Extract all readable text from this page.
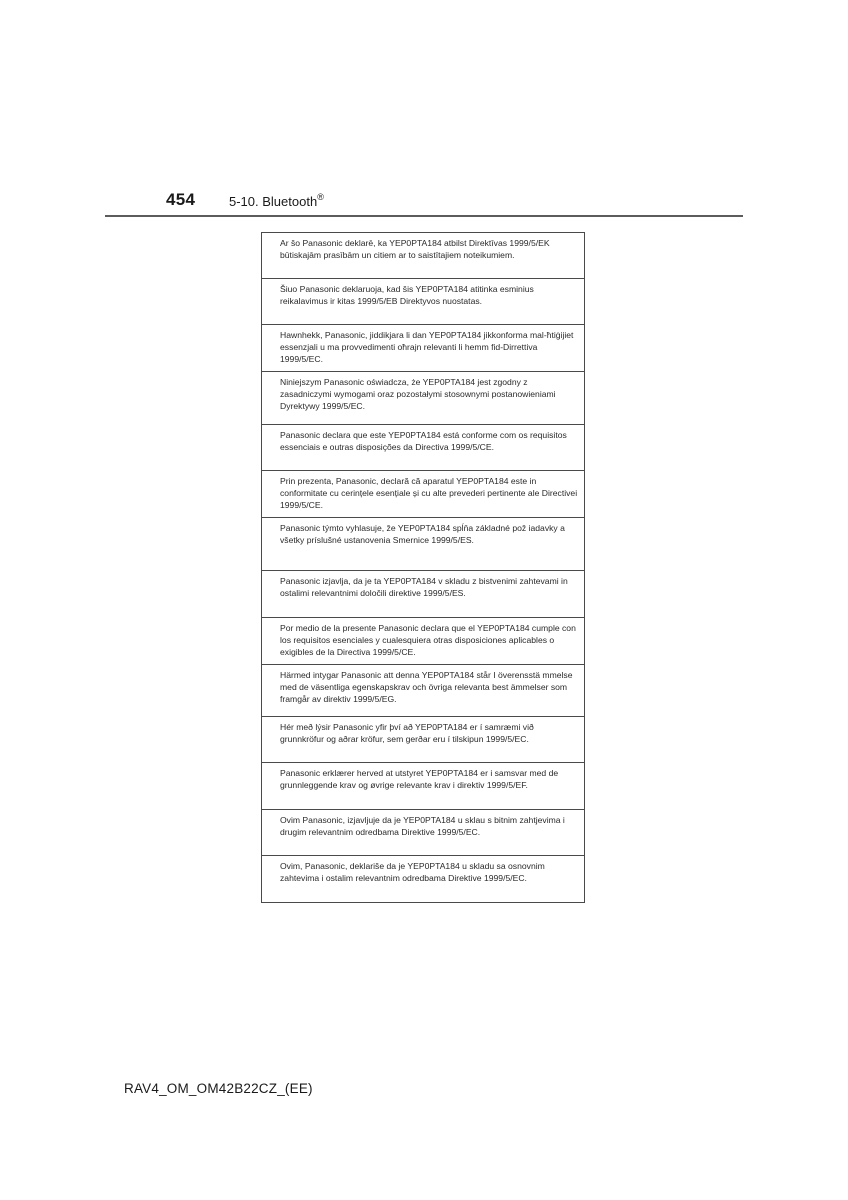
454	5-10. Bluetooth®
Ar šo Panasonic deklarē, ka YEP0PTA184 atbilst Direktīvas 1999/5/EK būtiskajām prasībām un citiem ar to saistītajiem noteikumiem.
Šiuo Panasonic deklaruoja, kad šis YEP0PTA184 atitinka esminius reikalavimus ir kitas 1999/5/EB Direktyvos nuostatas.
Hawnhekk, Panasonic, jiddikjara li dan YEP0PTA184 jikkonforma mal-ħtiġijiet essenzjali u ma provvedimenti oħrajn relevanti li hemm fid-Dirrettiva 1999/5/EC.
Niniejszym Panasonic oświadcza, że YEP0PTA184 jest zgodny z zasadniczymi wymogami oraz pozostałymi stosownymi postanowieniami Dyrektywy 1999/5/EC.
Panasonic declara que este YEP0PTA184 está conforme com os requisitos essenciais e outras disposições da Directiva 1999/5/CE.
Prin prezenta, Panasonic, declară că aparatul YEP0PTA184 este in conformitate cu cerințele esențiale și cu alte prevederi pertinente ale Directivei 1999/5/CE.
Panasonic týmto vyhlasuje, že YEP0PTA184 spĺňa základné pož iadavky a všetky príslušné ustanovenia Smernice 1999/5/ES.
Panasonic izjavlja, da je ta YEP0PTA184 v skladu z bistvenimi zahtevami in ostalimi relevantnimi določili direktive 1999/5/ES.
Por medio de la presente Panasonic declara que el YEP0PTA184 cumple con los requisitos esenciales y cualesquiera otras disposiciones aplicables o exigibles de la Directiva 1999/5/CE.
Härmed intygar Panasonic att denna YEP0PTA184 står I överensstä mmelse med de väsentliga egenskapskrav och övriga relevanta best ämmelser som framgår av direktiv 1999/5/EG.
Hér með lýsir Panasonic yfir því að YEP0PTA184 er í samræmi við grunnkröfur og aðrar kröfur, sem gerðar eru í tilskipun 1999/5/EC.
Panasonic erklærer herved at utstyret YEP0PTA184 er i samsvar med de grunnleggende krav og øvrige relevante krav i direktiv 1999/5/EF.
Ovim Panasonic, izjavljuje da je YEP0PTA184 u sklau s bitnim zahtjevima i drugim relevantnim odredbama Direktive 1999/5/EC.
Ovim, Panasonic, deklariše da je YEP0PTA184 u skladu sa osnovnim zahtevima i ostalim relevantnim odredbama Direktive 1999/5/EC.
RAV4_OM_OM42B22CZ_(EE)
